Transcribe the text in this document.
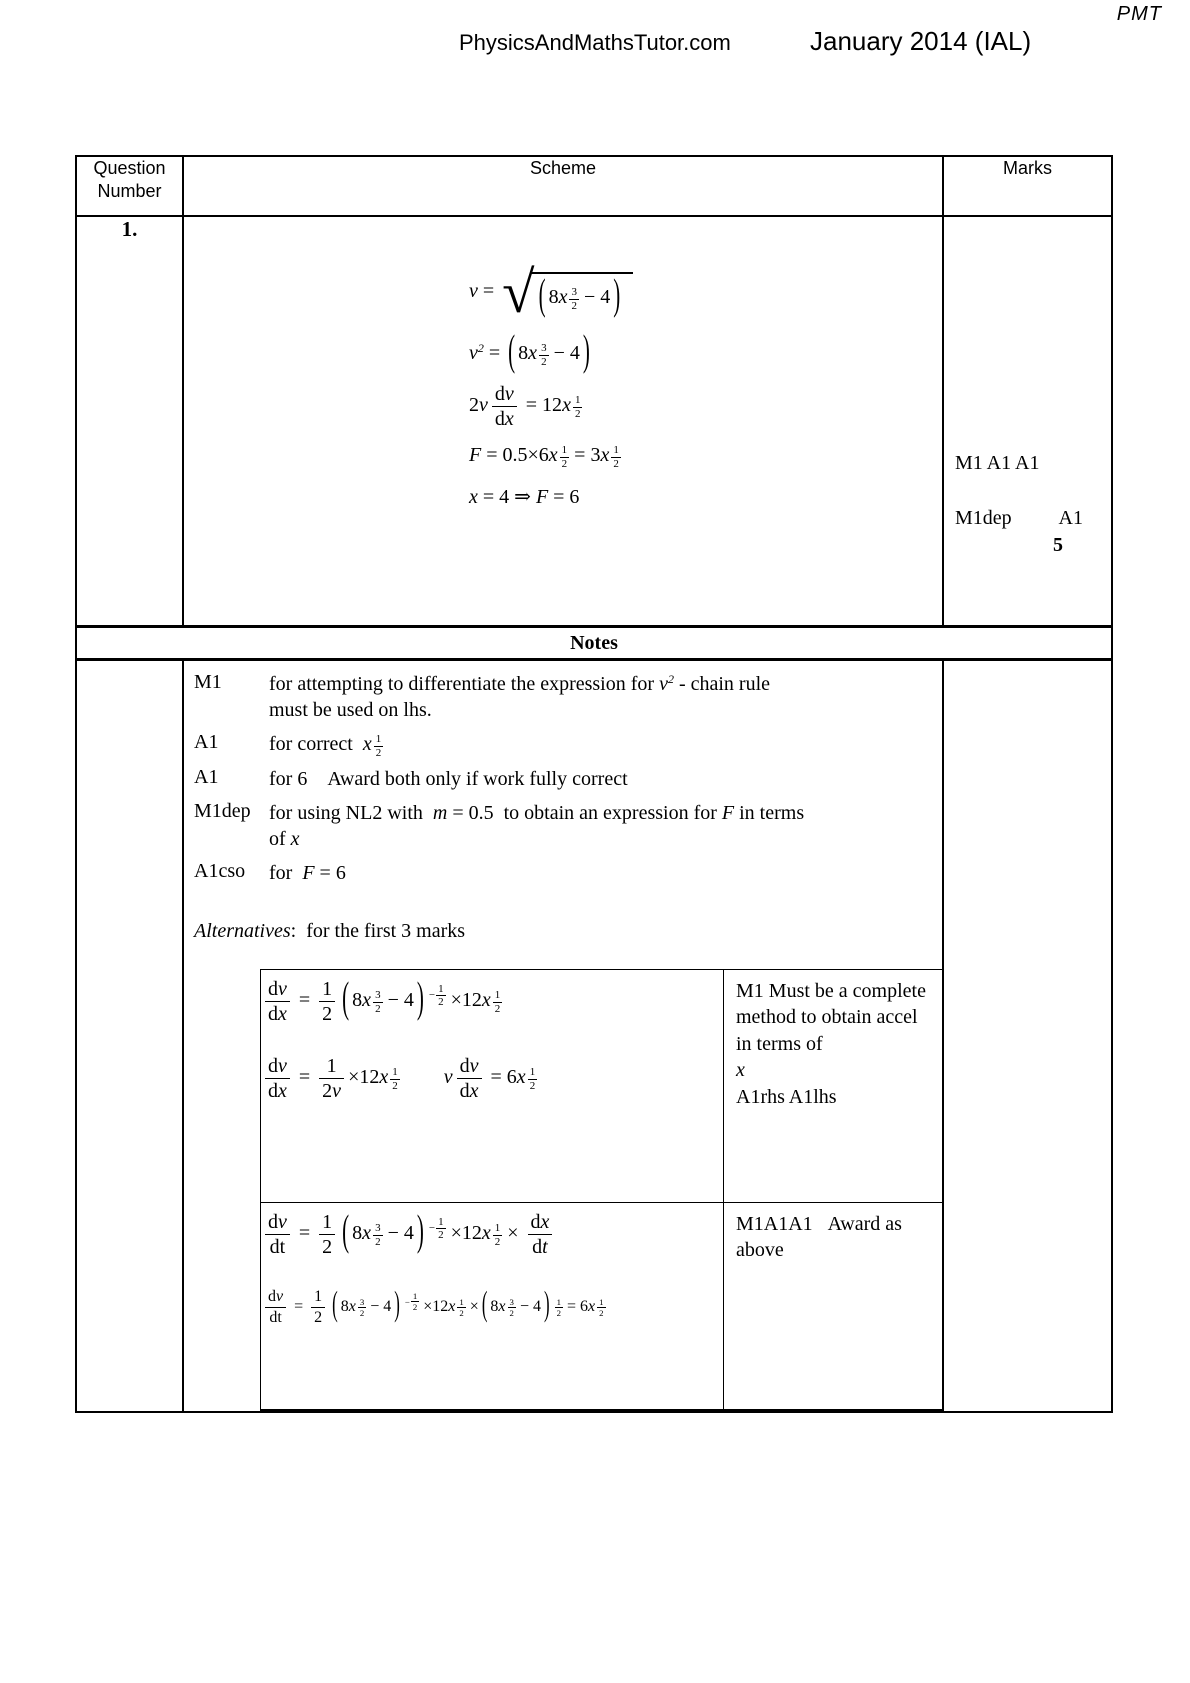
PMT
PhysicsAndMathsTutor.com	January 2014 (IAL)
Question Number	Scheme	Marks
1.	
v = √ ( 8x 3
2 − 4 )
$v^2$ = ( 8x 3
2 − 4 )
$2v \frac{dv}{dx} = 12x$ 1
2
F = 0.5×6x 1
2 = 3x 1
2
x = 4 ⇒ F = 6

M1 A1 A1
M1dep A1
5

Notes

M1	for attempting to differentiate the expression for $v^2$ - chain rule
must be used on lhs.
A1	for correct  x 1
2
A1	for 6    Award both only if work fully correct
M1dep for using NL2 with  m = 0.5  to obtain an expression for F in terms
of x
A1cso	for  F = 6
Alternatives:  for the first 3 marks
$\frac{dv}{dx} = \frac{1}{2}$ ( 8x 3
2 − 4 ) − $\frac{1}{2} \times 12x$ 1
2
$\frac{dv}{dx} = \frac{1}{2v} \times 12x$ 1
2 v $\frac{dv}{dx} = 6x$ 1
2

M1 Must be a complete method to obtain accel in terms of
x
A1rhs A1lhs

$\frac{dv}{dt} = \frac{1}{2}$ ( 8x 3
2 − 4 ) − $\frac{1}{2} \times 12x$ 1
$2 \times \frac{dx}{dt}$
$\frac{dv}{dt} = \frac{1}{2}$ ( 8x 3
2 − 4 ) − $\frac{1}{2} \times 12x$ 1
2 × ( 8x 3
2 − 4 ) 1
2 = 6x 1
2

M1A1A1   Award as above
